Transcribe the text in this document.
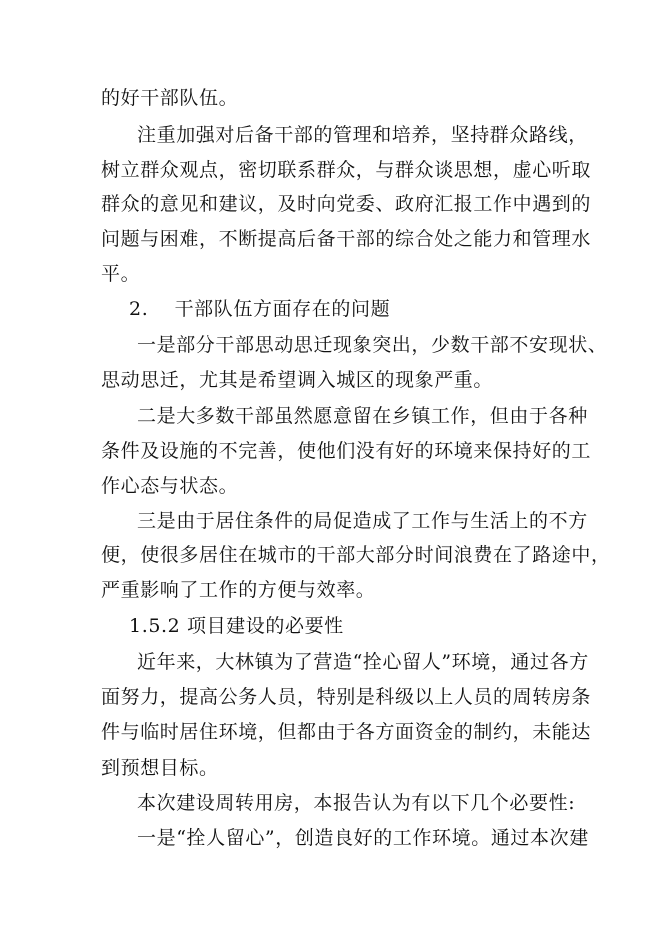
的好干部队伍。
注重加强对后备干部的管理和培养，坚持群众路线，
树立群众观点，密切联系群众，与群众谈思想，虚心听取
群众的意见和建议，及时向党委、政府汇报工作中遇到的
问题与困难，不断提高后备干部的综合处之能力和管理水
平。
2.　 干部队伍方面存在的问题
一是部分干部思动思迁现象突出，少数干部不安现状、
思动思迁，尤其是希望调入城区的现象严重。
二是大多数干部虽然愿意留在乡镇工作，但由于各种
条件及设施的不完善，使他们没有好的环境来保持好的工
作心态与状态。
三是由于居住条件的局促造成了工作与生活上的不方
便，使很多居住在城市的干部大部分时间浪费在了路途中，
严重影响了工作的方便与效率。
1.5.2 项目建设的必要性
近年来，大林镇为了营造“拴心留人”环境，通过各方
面努力，提高公务人员，特别是科级以上人员的周转房条
件与临时居住环境，但都由于各方面资金的制约，未能达
到预想目标。
本次建设周转用房，本报告认为有以下几个必要性:
一是“拴人留心”，创造良好的工作环境。通过本次建
